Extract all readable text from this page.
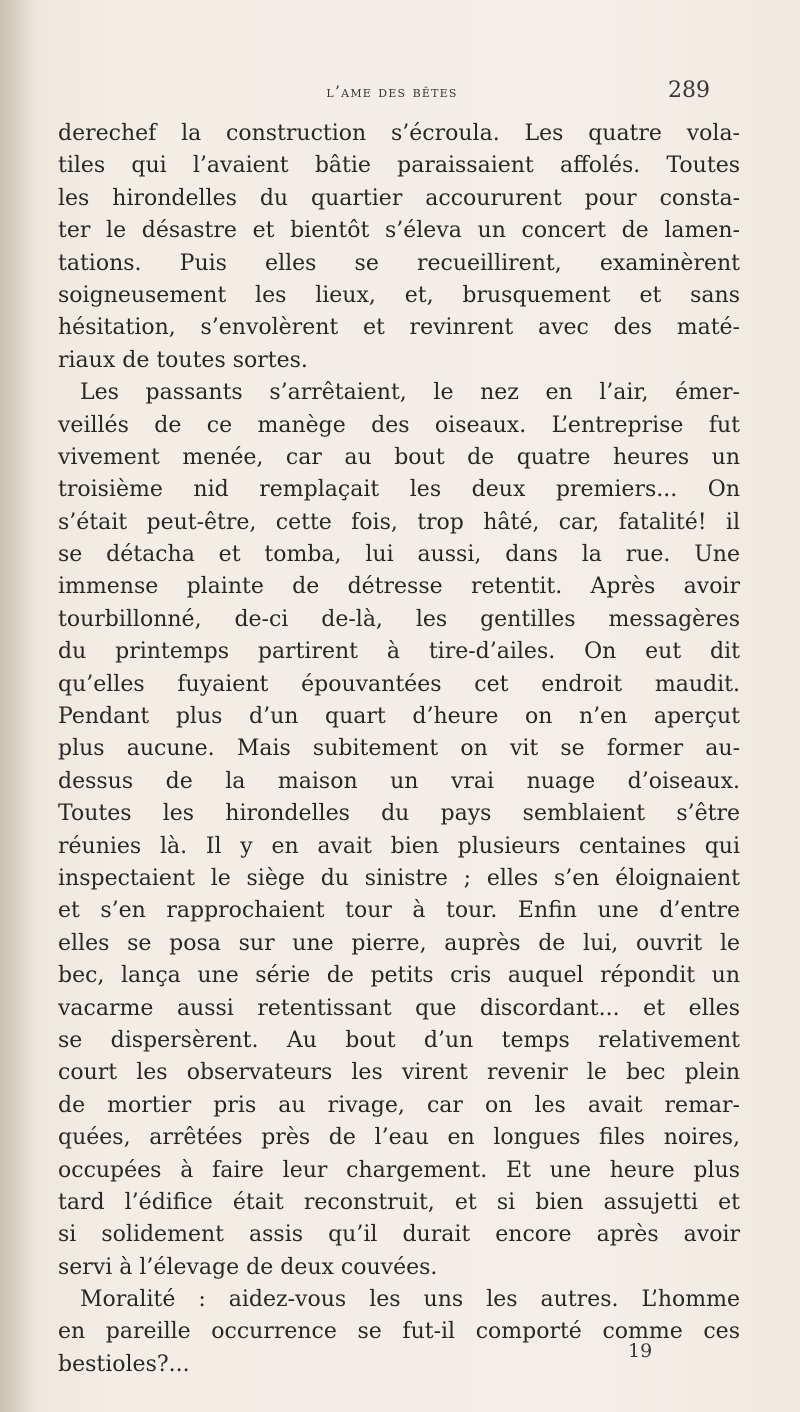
l’ame des bêtes	289
derechef la construction s’écroula. Les quatre vola-
tiles qui l’avaient bâtie paraissaient affolés. Toutes
les hirondelles du quartier accoururent pour consta-
ter le désastre et bientôt s’éleva un concert de lamen-
tations. Puis elles se recueillirent, examinèrent
soigneusement les lieux, et, brusquement et sans
hésitation, s’envolèrent et revinrent avec des maté-
riaux de toutes sortes.
Les passants s’arrêtaient, le nez en l’air, émer-
veillés de ce manège des oiseaux. L’entreprise fut
vivement menée, car au bout de quatre heures un
troisième nid remplaçait les deux premiers... On
s’était peut-être, cette fois, trop hâté, car, fatalité! il
se détacha et tomba, lui aussi, dans la rue. Une
immense plainte de détresse retentit. Après avoir
tourbillonné, de-ci de-là, les gentilles messagères
du printemps partirent à tire-d’ailes. On eut dit
qu’elles fuyaient épouvantées cet endroit maudit.
Pendant plus d’un quart d’heure on n’en aperçut
plus aucune. Mais subitement on vit se former au-
dessus de la maison un vrai nuage d’oiseaux.
Toutes les hirondelles du pays semblaient s’être
réunies là. Il y en avait bien plusieurs centaines qui
inspectaient le siège du sinistre ; elles s’en éloignaient
et s’en rapprochaient tour à tour. Enfin une d’entre
elles se posa sur une pierre, auprès de lui, ouvrit le
bec, lança une série de petits cris auquel répondit un
vacarme aussi retentissant que discordant... et elles
se dispersèrent. Au bout d’un temps relativement
court les observateurs les virent revenir le bec plein
de mortier pris au rivage, car on les avait remar-
quées, arrêtées près de l’eau en longues files noires,
occupées à faire leur chargement. Et une heure plus
tard l’édifice était reconstruit, et si bien assujetti et
si solidement assis qu’il durait encore après avoir
servi à l’élevage de deux couvées.
Moralité : aidez-vous les uns les autres. L’homme
en pareille occurrence se fut-il comporté comme ces
bestioles?...
19
